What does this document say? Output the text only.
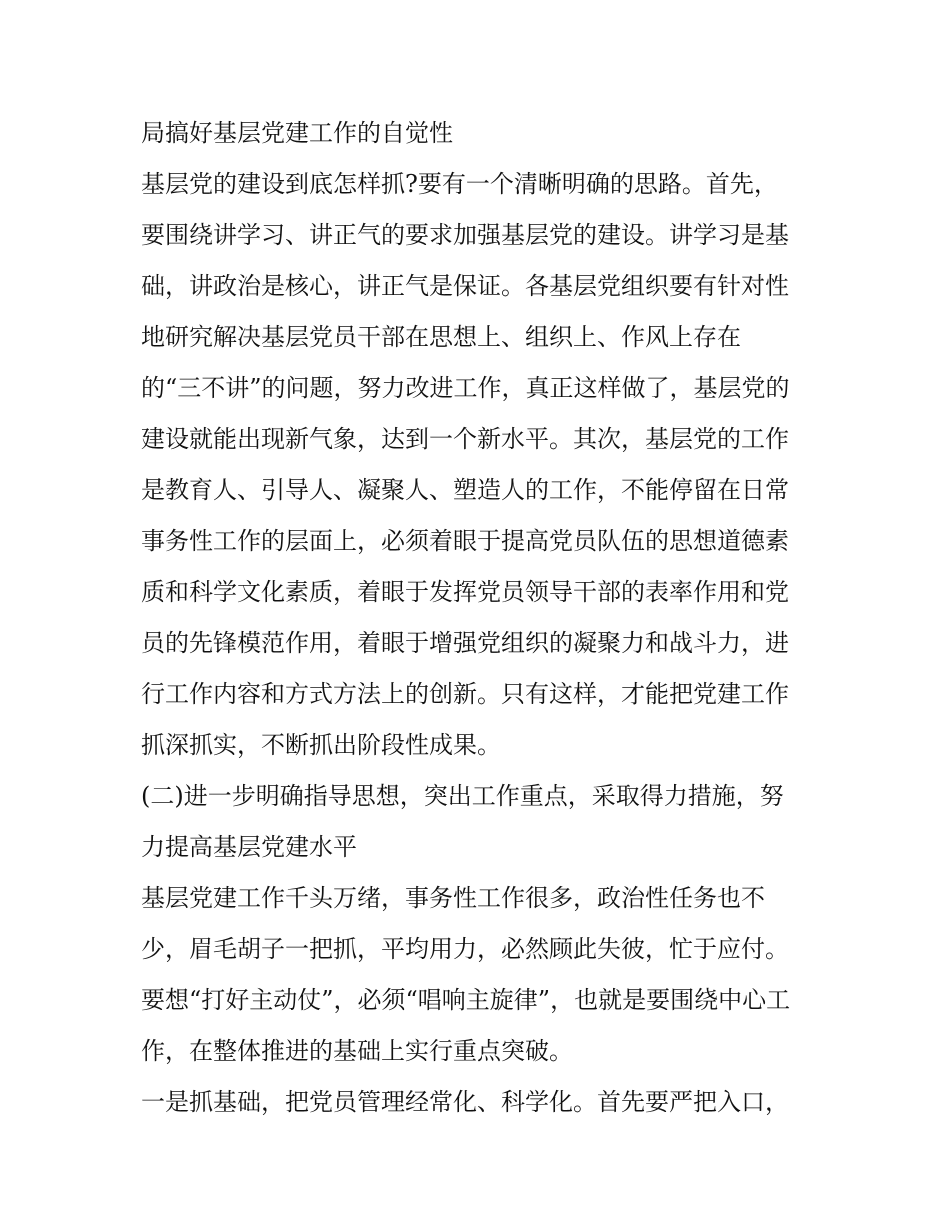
局搞好基层党建工作的自觉性
基层党的建设到底怎样抓?要有一个清晰明确的思路。首先，
要围绕讲学习、讲正气的要求加强基层党的建设。讲学习是基
础，讲政治是核心，讲正气是保证。各基层党组织要有针对性
地研究解决基层党员干部在思想上、组织上、作风上存在
的“三不讲”的问题，努力改进工作，真正这样做了，基层党的
建设就能出现新气象，达到一个新水平。其次，基层党的工作
是教育人、引导人、凝聚人、塑造人的工作，不能停留在日常
事务性工作的层面上，必须着眼于提高党员队伍的思想道德素
质和科学文化素质，着眼于发挥党员领导干部的表率作用和党
员的先锋模范作用，着眼于增强党组织的凝聚力和战斗力，进
行工作内容和方式方法上的创新。只有这样，才能把党建工作
抓深抓实，不断抓出阶段性成果。
(二)进一步明确指导思想，突出工作重点，采取得力措施，努
力提高基层党建水平
基层党建工作千头万绪，事务性工作很多，政治性任务也不
少，眉毛胡子一把抓，平均用力，必然顾此失彼，忙于应付。
要想“打好主动仗”，必须“唱响主旋律”，也就是要围绕中心工
作，在整体推进的基础上实行重点突破。
一是抓基础，把党员管理经常化、科学化。首先要严把入口，
